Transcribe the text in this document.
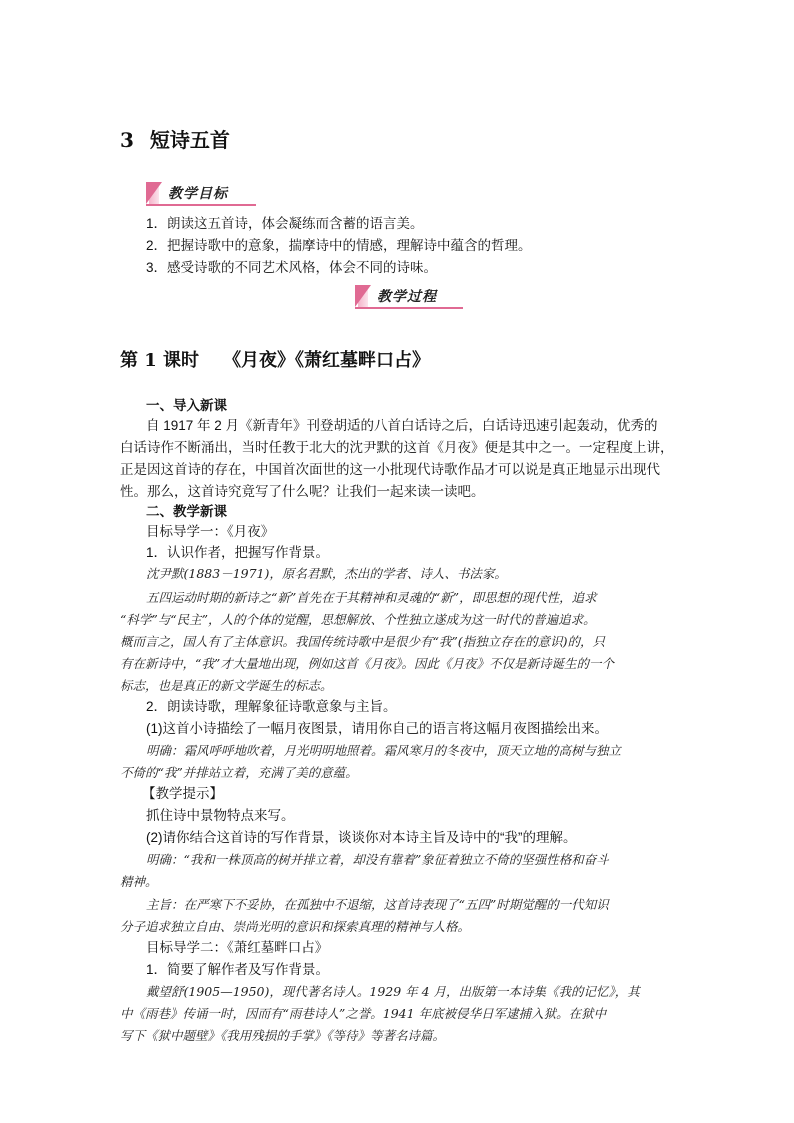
3 短诗五首
教学目标
1．朗读这五首诗，体会凝练而含蓄的语言美。
2．把握诗歌中的意象，揣摩诗中的情感，理解诗中蕴含的哲理。
3．感受诗歌的不同艺术风格，体会不同的诗味。
教学过程
第 1 课时 《月夜》《萧红墓畔口占》
一、导入新课
自 1917 年 2 月《新青年》刊登胡适的八首白话诗之后，白话诗迅速引起轰动，优秀的
白话诗作不断涌出，当时任教于北大的沈尹默的这首《月夜》便是其中之一。一定程度上讲，
正是因这首诗的存在，中国首次面世的这一小批现代诗歌作品才可以说是真正地显示出现代
性。那么，这首诗究竟写了什么呢？让我们一起来读一读吧。
二、教学新课
目标导学一：《月夜》
1．认识作者，把握写作背景。
沈尹默(1883－1971)，原名君默，杰出的学者、诗人、书法家。
五四运动时期的新诗之“新”首先在于其精神和灵魂的“新”，即思想的现代性，追求
“科学”与“民主”，人的个体的觉醒，思想解放、个性独立遂成为这一时代的普遍追求。
概而言之，国人有了主体意识。我国传统诗歌中是很少有“我”(指独立存在的意识)的，只
有在新诗中，“我”才大量地出现，例如这首《月夜》。因此《月夜》不仅是新诗诞生的一个
标志，也是真正的新文学诞生的标志。
2．朗读诗歌，理解象征诗歌意象与主旨。
(1)这首小诗描绘了一幅月夜图景，请用你自己的语言将这幅月夜图描绘出来。
明确：霜风呼呼地吹着，月光明明地照着。霜风寒月的冬夜中，顶天立地的高树与独立
不倚的“我”并排站立着，充满了美的意蕴。
【教学提示】
抓住诗中景物特点来写。
(2)请你结合这首诗的写作背景，谈谈你对本诗主旨及诗中的“我”的理解。
明确：“我和一株顶高的树并排立着，却没有靠着”象征着独立不倚的坚强性格和奋斗
精神。
主旨：在严寒下不妥协，在孤独中不退缩，这首诗表现了“五四”时期觉醒的一代知识
分子追求独立自由、崇尚光明的意识和探索真理的精神与人格。
目标导学二：《萧红墓畔口占》
1．简要了解作者及写作背景。
戴望舒(1905—1950)，现代著名诗人。1929 年 4 月，出版第一本诗集《我的记忆》，其
中《雨巷》传诵一时，因而有“雨巷诗人”之誉。1941 年底被侵华日军逮捕入狱。在狱中
写下《狱中题壁》《我用残损的手掌》《等待》等著名诗篇。
